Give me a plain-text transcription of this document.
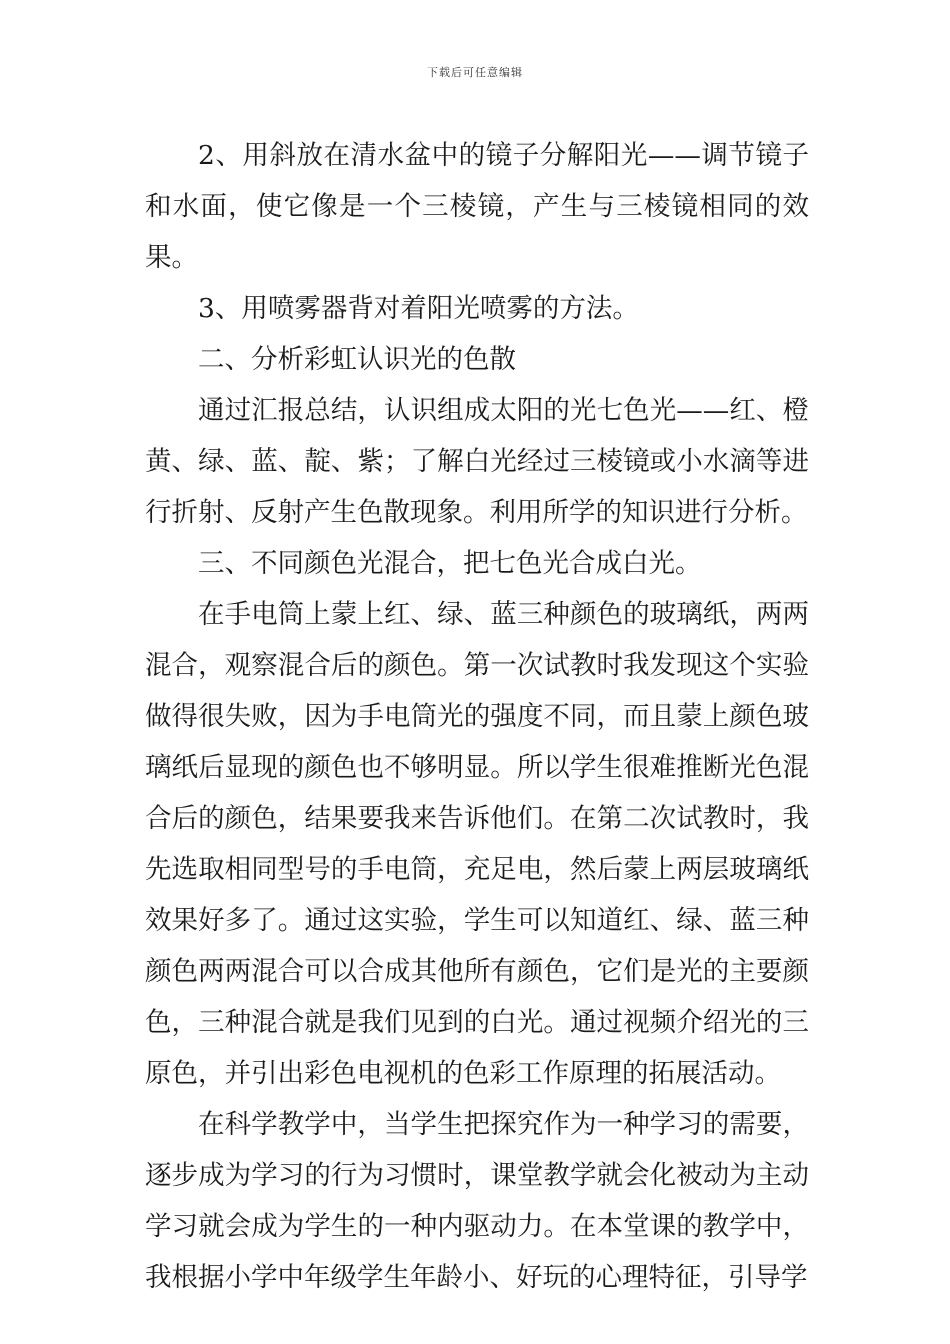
下载后可任意编辑

2、用斜放在清水盆中的镜子分解阳光——调节镜子和水面，使它像是一个三棱镜，产生与三棱镜相同的效果。

3、用喷雾器背对着阳光喷雾的方法。

二、分析彩虹认识光的色散

通过汇报总结，认识组成太阳的光七色光——红、橙黄、绿、蓝、靛、紫；了解白光经过三棱镜或小水滴等进行折射、反射产生色散现象。利用所学的知识进行分析。

三、不同颜色光混合，把七色光合成白光。

在手电筒上蒙上红、绿、蓝三种颜色的玻璃纸，两两混合，观察混合后的颜色。第一次试教时我发现这个实验做得很失败，因为手电筒光的强度不同，而且蒙上颜色玻璃纸后显现的颜色也不够明显。所以学生很难推断光色混合后的颜色，结果要我来告诉他们。在第二次试教时，我先选取相同型号的手电筒，充足电，然后蒙上两层玻璃纸效果好多了。通过这实验，学生可以知道红、绿、蓝三种颜色两两混合可以合成其他所有颜色，它们是光的主要颜色，三种混合就是我们见到的白光。通过视频介绍光的三原色，并引出彩色电视机的色彩工作原理的拓展活动。

在科学教学中，当学生把探究作为一种学习的需要，逐步成为学习的行为习惯时，课堂教学就会化被动为主动学习就会成为学生的一种内驱动力。在本堂课的教学中，我根据小学中年级学生年龄小、好玩的心理特征，引导学
